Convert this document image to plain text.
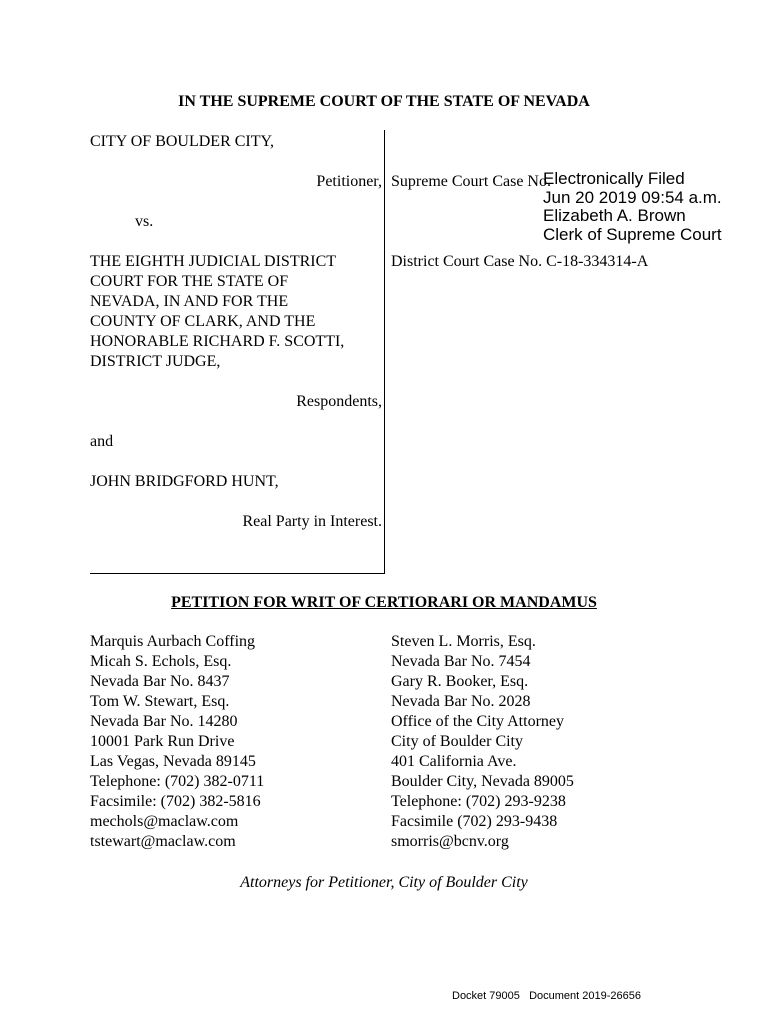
IN THE SUPREME COURT OF THE STATE OF NEVADA
CITY OF BOULDER CITY,
Petitioner,
vs.
THE EIGHTH JUDICIAL DISTRICT
COURT FOR THE STATE OF
NEVADA, IN AND FOR THE
COUNTY OF CLARK, AND THE
HONORABLE RICHARD F. SCOTTI,
DISTRICT JUDGE,
Respondents,
and
JOHN BRIDGFORD HUNT,
Real Party in Interest.
Supreme Court Case No.
District Court Case No. C-18-334314-A
Electronically Filed
Jun 20 2019 09:54 a.m.
Elizabeth A. Brown
Clerk of Supreme Court
PETITION FOR WRIT OF CERTIORARI OR MANDAMUS
Marquis Aurbach Coffing
Micah S. Echols, Esq.
Nevada Bar No. 8437
Tom W. Stewart, Esq.
Nevada Bar No. 14280
10001 Park Run Drive
Las Vegas, Nevada 89145
Telephone: (702) 382-0711
Facsimile: (702) 382-5816
mechols@maclaw.com
tstewart@maclaw.com
Steven L. Morris, Esq.
Nevada Bar No. 7454
Gary R. Booker, Esq.
Nevada Bar No. 2028
Office of the City Attorney
City of Boulder City
401 California Ave.
Boulder City, Nevada 89005
Telephone: (702) 293-9238
Facsimile (702) 293-9438
smorris@bcnv.org
Attorneys for Petitioner, City of Boulder City
Docket 79005 Document 2019-26656
